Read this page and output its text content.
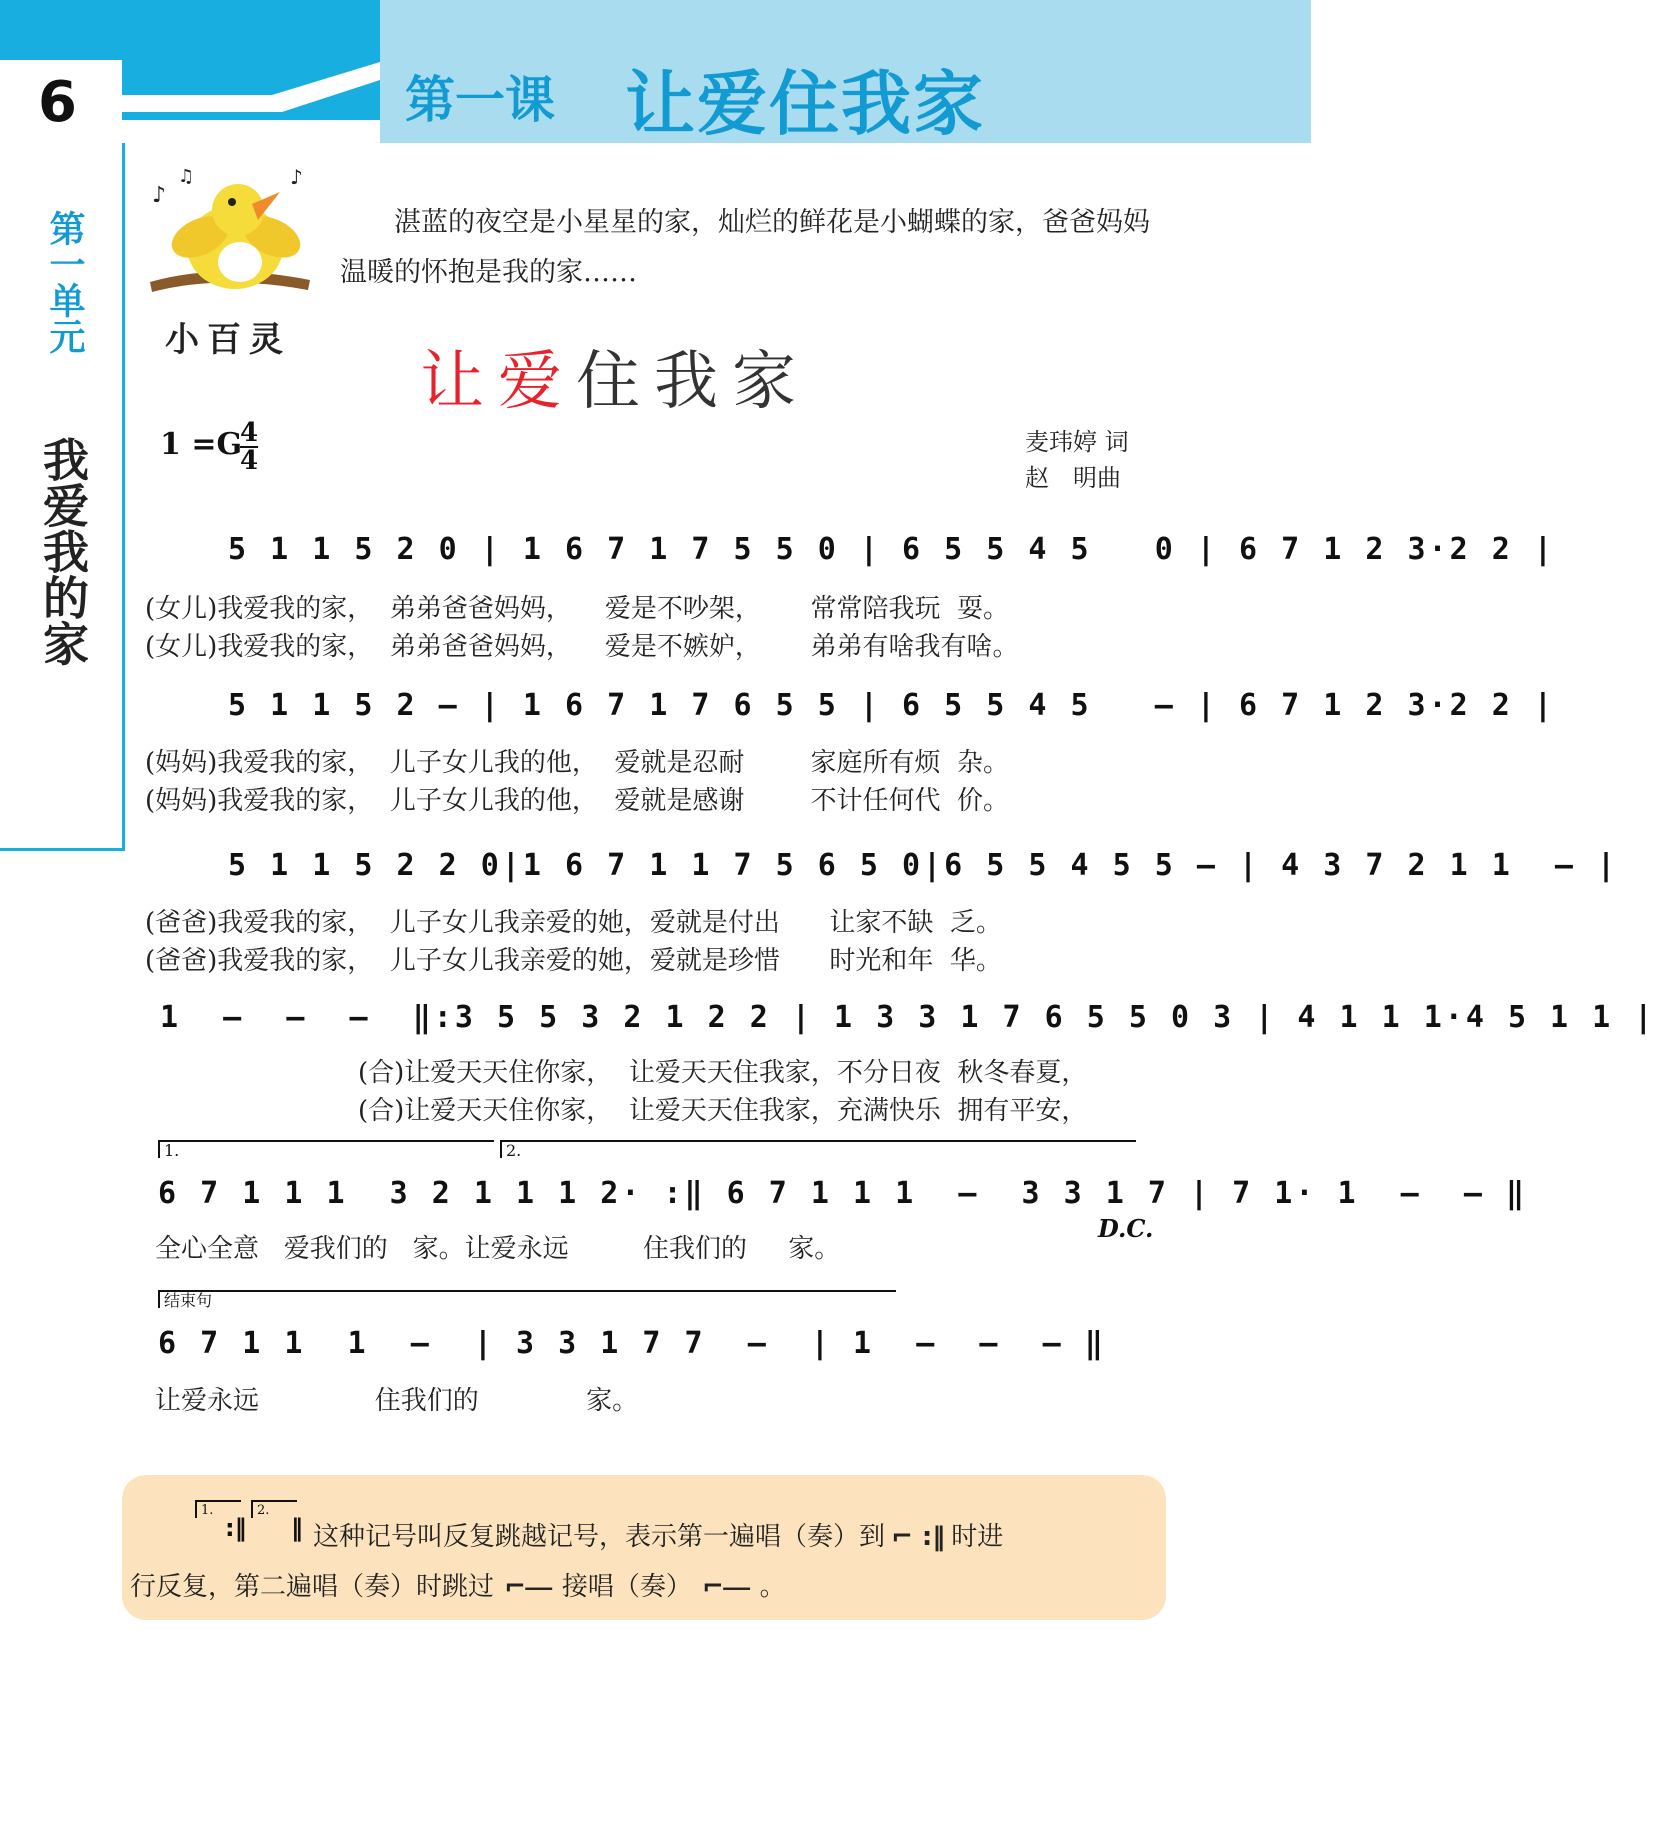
6	第一课 让爱住我家
第一单元
我爱我的家
♪
♫	♪
小百灵
湛蓝的夜空是小星星的家，灿烂的鲜花是小蝴蝶的家，爸爸妈妈温暖的怀抱是我的家……
让爱住我家
1 =G
4
4
麦玮婷 词
赵　明曲
5 1 1 5 2 0 | 1 6 7 1 7 5 5 0 | 6 5 5 4 5   0 | 6 7 1 2 3·2 2 |
(女儿)我爱我的家，  弟弟爸爸妈妈，    爱是不吵架，      常常陪我玩  耍。
(女儿)我爱我的家，  弟弟爸爸妈妈，    爱是不嫉妒，      弟弟有啥我有啥。
5 1 1 5 2 – | 1 6 7 1 7 6 5 5 | 6 5 5 4 5   – | 6 7 1 2 3·2 2 |
(妈妈)我爱我的家，  儿子女儿我的他，  爱就是忍耐        家庭所有烦  杂。
(妈妈)我爱我的家，  儿子女儿我的他，  爱就是感谢        不计任何代  价。
5 1 1 5 2 2 0|1 6 7 1 1 7 5 6 5 0|6 5 5 4 5 5 – | 4 3 7 2 1 1  – |
(爸爸)我爱我的家，  儿子女儿我亲爱的她，爱就是付出      让家不缺  乏。
(爸爸)我爱我的家，  儿子女儿我亲爱的她，爱就是珍惜      时光和年  华。
1  –  –  –  ‖:3 5 5 3 2 1 2 2 | 1 3 3 1 7 6 5 5 0 3 | 4 1 1 1·4 5 1 1 |
(合)让爱天天住你家，  让爱天天住我家，不分日夜  秋冬春夏，
(合)让爱天天住你家，  让爱天天住我家，充满快乐  拥有平安，
1.	2.
6 7 1 1 1  3 2 1 1 1 2· :‖ 6 7 1 1 1  –  3 3 1 7 | 7 1· 1  –  – ‖
全心全意   爱我们的   家。让爱永远         住我们的     家。
D.C.
结束句
6 7 1 1  1  –  | 3 3 1 7 7  –  | 1  –  –  – ‖
让爱永远              住我们的             家。
1.	2.
:‖ ‖ 这种记号叫反复跳越记号，表示第一遍唱（奏）到 ⌐ :‖ 时进
行反复，第二遍唱（奏）时跳过 ⌐⎯⎯ 接唱（奏） ⌐⎯⎯ 。
